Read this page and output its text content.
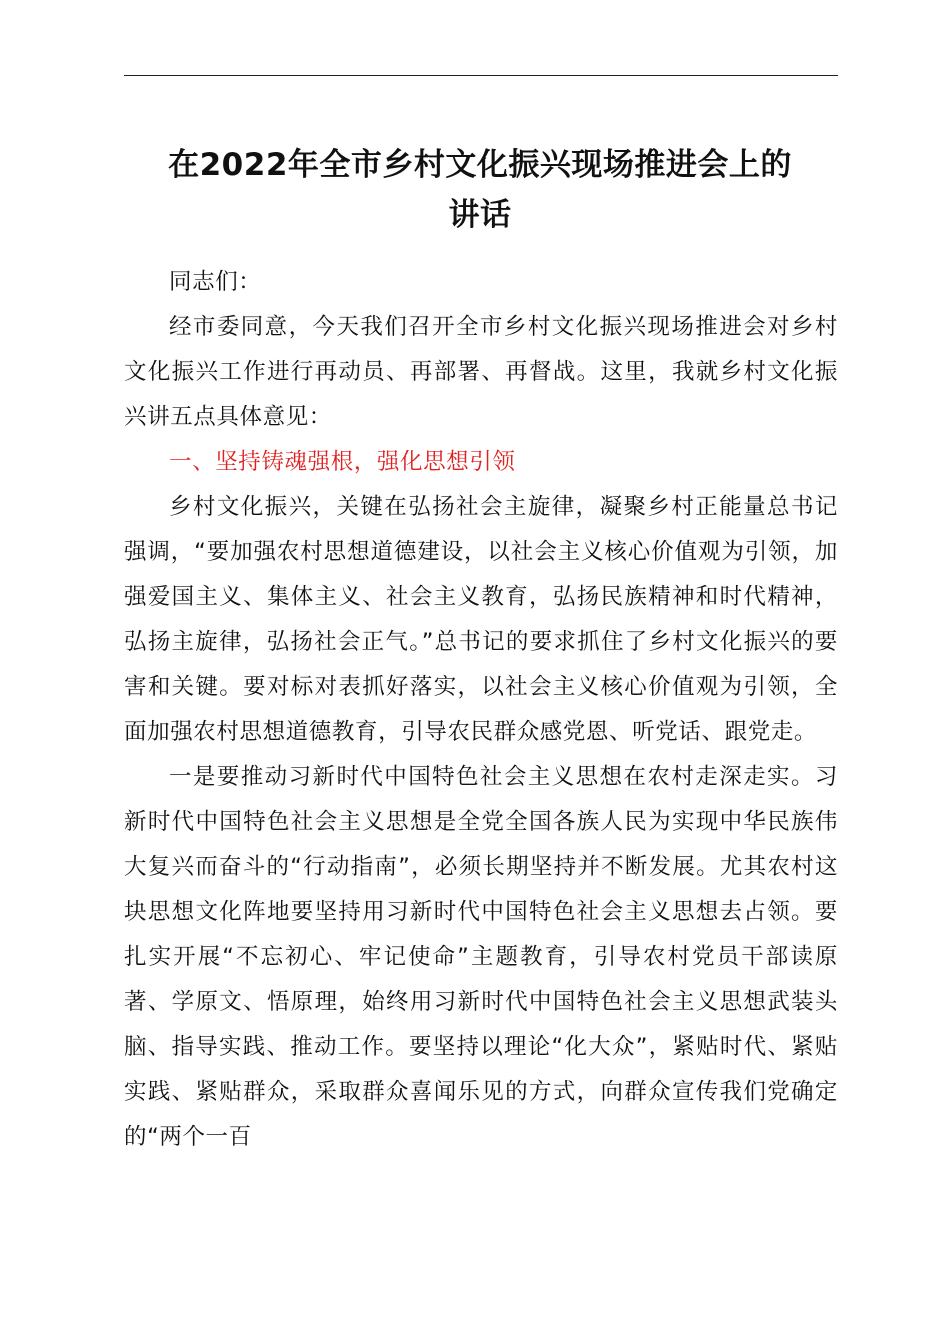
在2022年全市乡村文化振兴现场推进会上的
讲话

同志们：

经市委同意，今天我们召开全市乡村文化振兴现场推进会对乡村文化振兴工作进行再动员、再部署、再督战。这里，我就乡村文化振兴讲五点具体意见：

一、坚持铸魂强根，强化思想引领

乡村文化振兴，关键在弘扬社会主旋律，凝聚乡村正能量总书记强调，“要加强农村思想道德建设，以社会主义核心价值观为引领，加强爱国主义、集体主义、社会主义教育，弘扬民族精神和时代精神，弘扬主旋律，弘扬社会正气。”总书记的要求抓住了乡村文化振兴的要害和关键。要对标对表抓好落实，以社会主义核心价值观为引领，全面加强农村思想道德教育，引导农民群众感党恩、听党话、跟党走。

一是要推动习新时代中国特色社会主义思想在农村走深走实。习新时代中国特色社会主义思想是全党全国各族人民为实现中华民族伟大复兴而奋斗的“行动指南”，必须长期坚持并不断发展。尤其农村这块思想文化阵地要坚持用习新时代中国特色社会主义思想去占领。要扎实开展“不忘初心、牢记使命”主题教育，引导农村党员干部读原著、学原文、悟原理，始终用习新时代中国特色社会主义思想武装头脑、指导实践、推动工作。要坚持以理论“化大众”，紧贴时代、紧贴实践、紧贴群众，采取群众喜闻乐见的方式，向群众宣传我们党确定的“两个一百
